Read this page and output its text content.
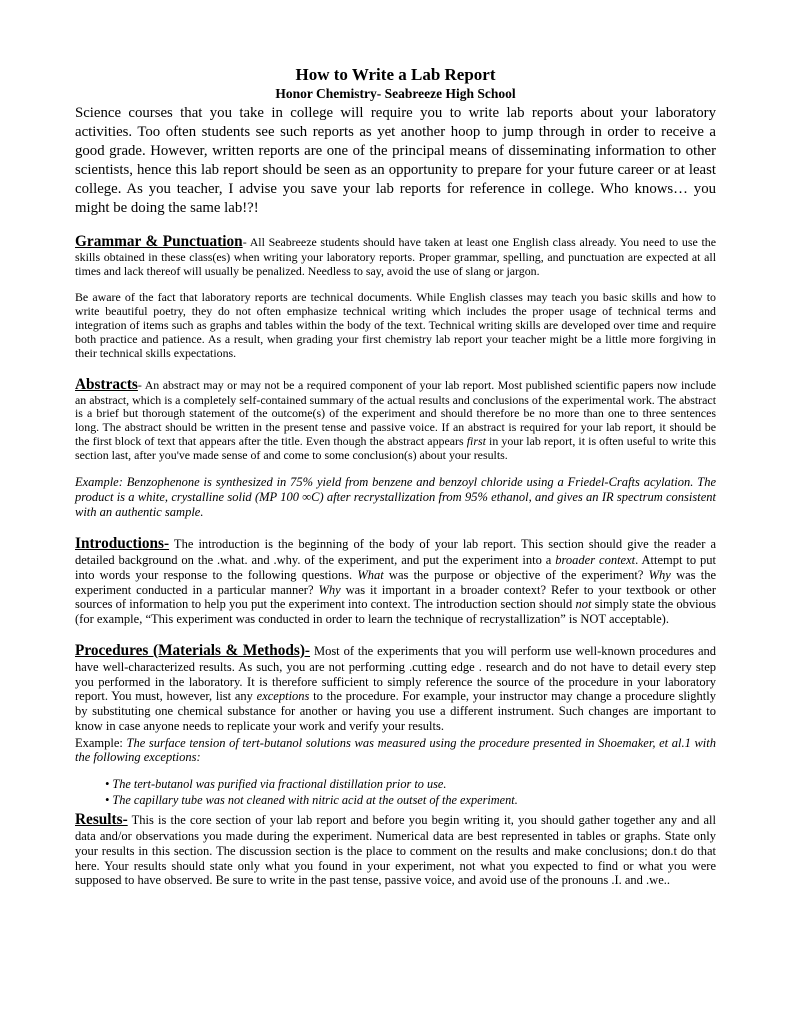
How to Write a Lab Report
Honor Chemistry- Seabreeze High School

Science courses that you take in college will require you to write lab reports about your laboratory activities. Too often students see such reports as yet another hoop to jump through in order to receive a good grade. However, written reports are one of the principal means of disseminating information to other scientists, hence this lab report should be seen as an opportunity to prepare for your future career or at least college. As you teacher, I advise you save your lab reports for reference in college. Who knows… you might be doing the same lab!?!

Grammar & Punctuation- All Seabreeze students should have taken at least one English class already. You need to use the skills obtained in these class(es) when writing your laboratory reports. Proper grammar, spelling, and punctuation are expected at all times and lack thereof will usually be penalized. Needless to say, avoid the use of slang or jargon.

Be aware of the fact that laboratory reports are technical documents. While English classes may teach you basic skills and how to write beautiful poetry, they do not often emphasize technical writing which includes the proper usage of technical terms and integration of items such as graphs and tables within the body of the text. Technical writing skills are developed over time and require both practice and patience. As a result, when grading your first chemistry lab report your teacher might be a little more forgiving in their technical skills expectations.

Abstracts- An abstract may or may not be a required component of your lab report. Most published scientific papers now include an abstract, which is a completely self-contained summary of the actual results and conclusions of the experimental work. The abstract is a brief but thorough statement of the outcome(s) of the experiment and should therefore be no more than one to three sentences long. The abstract should be written in the present tense and passive voice. If an abstract is required for your lab report, it should be the first block of text that appears after the title. Even though the abstract appears first in your lab report, it is often useful to write this section last, after you've made sense of and come to some conclusion(s) about your results.

Example: Benzophenone is synthesized in 75% yield from benzene and benzoyl chloride using a Friedel-Crafts acylation. The product is a white, crystalline solid (MP 100 ∞C) after recrystallization from 95% ethanol, and gives an IR spectrum consistent with an authentic sample.

Introductions- The introduction is the beginning of the body of your lab report. This section should give the reader a detailed background on the .what. and .why. of the experiment, and put the experiment into a broader context. Attempt to put into words your response to the following questions. What was the purpose or objective of the experiment? Why was the experiment conducted in a particular manner? Why was it important in a broader context? Refer to your textbook or other sources of information to help you put the experiment into context. The introduction section should not simply state the obvious (for example, “This experiment was conducted in order to learn the technique of recrystallization” is NOT acceptable).

Procedures (Materials & Methods)- Most of the experiments that you will perform use well-known procedures and have well-characterized results. As such, you are not performing .cutting edge . research and do not have to detail every step you performed in the laboratory. It is therefore sufficient to simply reference the source of the procedure in your laboratory report. You must, however, list any exceptions to the procedure. For example, your instructor may change a procedure slightly by substituting one chemical substance for another or having you use a different instrument. Such changes are important to know in case anyone needs to replicate your work and verify your results.

Example: The surface tension of tert-butanol solutions was measured using the procedure presented in Shoemaker, et al.1 with the following exceptions:

• The tert-butanol was purified via fractional distillation prior to use.
• The capillary tube was not cleaned with nitric acid at the outset of the experiment.

Results- This is the core section of your lab report and before you begin writing it, you should gather together any and all data and/or observations you made during the experiment. Numerical data are best represented in tables or graphs. State only your results in this section. The discussion section is the place to comment on the results and make conclusions; don.t do that here. Your results should state only what you found in your experiment, not what you expected to find or what you were supposed to have observed. Be sure to write in the past tense, passive voice, and avoid use of the pronouns .I. and .we..
